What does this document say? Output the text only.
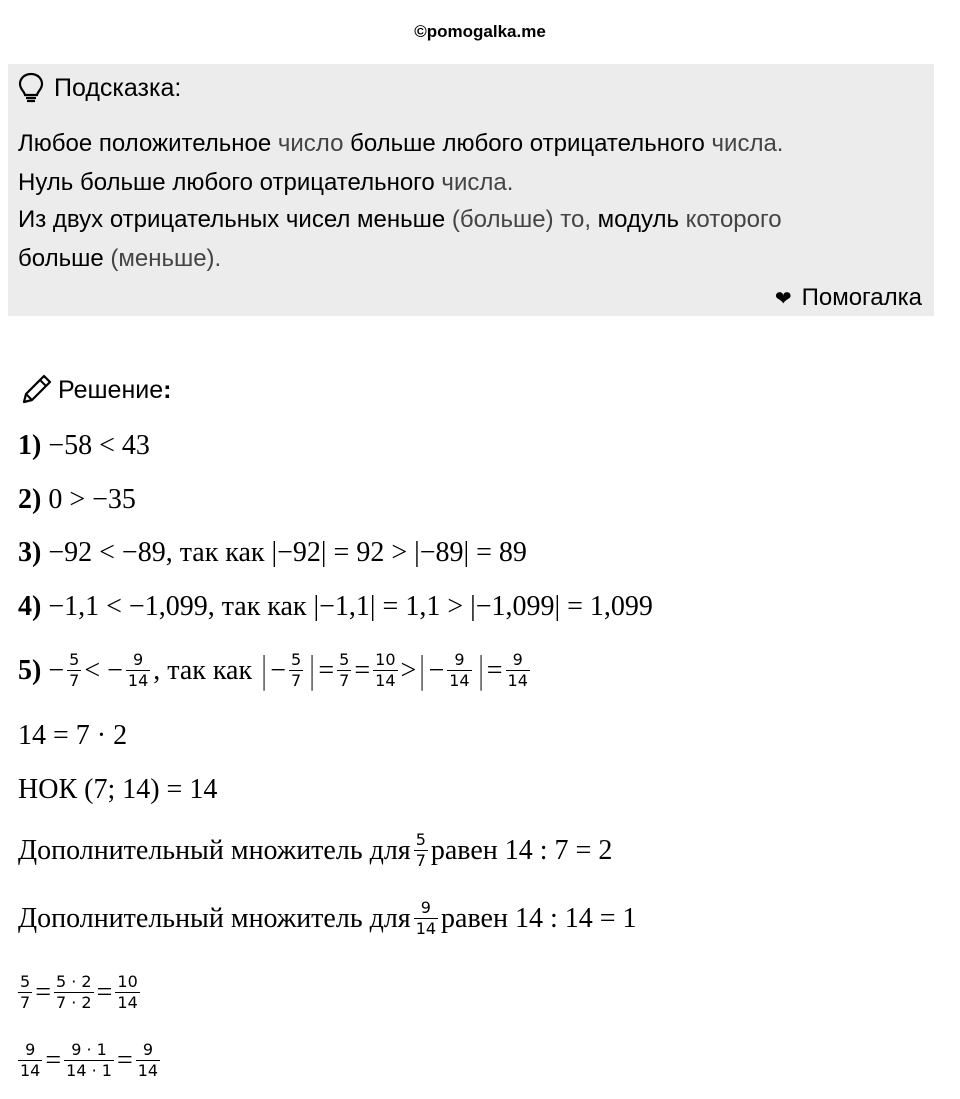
©pomogalka.me
Подсказка:
Любое положительное число больше любого отрицательного числа.
Нуль больше любого отрицательного числа.
Из двух отрицательных чисел меньше (больше) то, модуль которого
больше (меньше).
❤ Помогалка
Решение :
1) −58 < 43
2) 0 > −35
3) −92 < −89, так как |−92| = 92 > |−89| = 89
4) −1,1 < −1,099, так как |−1,1| = 1,1 > |−1,099| = 1,099
$5) - \frac{5}{7}$ < − $\frac{9}{14}$ , так как | − $\frac{5}{7}$ | = $\frac{5}{7} = \frac{10}{14}$ > | − $\frac{9}{14}$ | = $\frac{9}{14}$
14 = 7 · 2
НОК (7; 14) = 14
Дополнительный множитель для $\frac{5}{7}$ равен 14 : 7 = 2
Дополнительный множитель для $\frac{9}{14}$ равен 14 : 14 = 1
$\frac{5}{7} = \frac{5 \cdot 2}{7 \cdot 2} = \frac{10}{14}$
$\frac{9}{14} = \frac{9 \cdot 1}{14 \cdot 1} = \frac{9}{14}$
